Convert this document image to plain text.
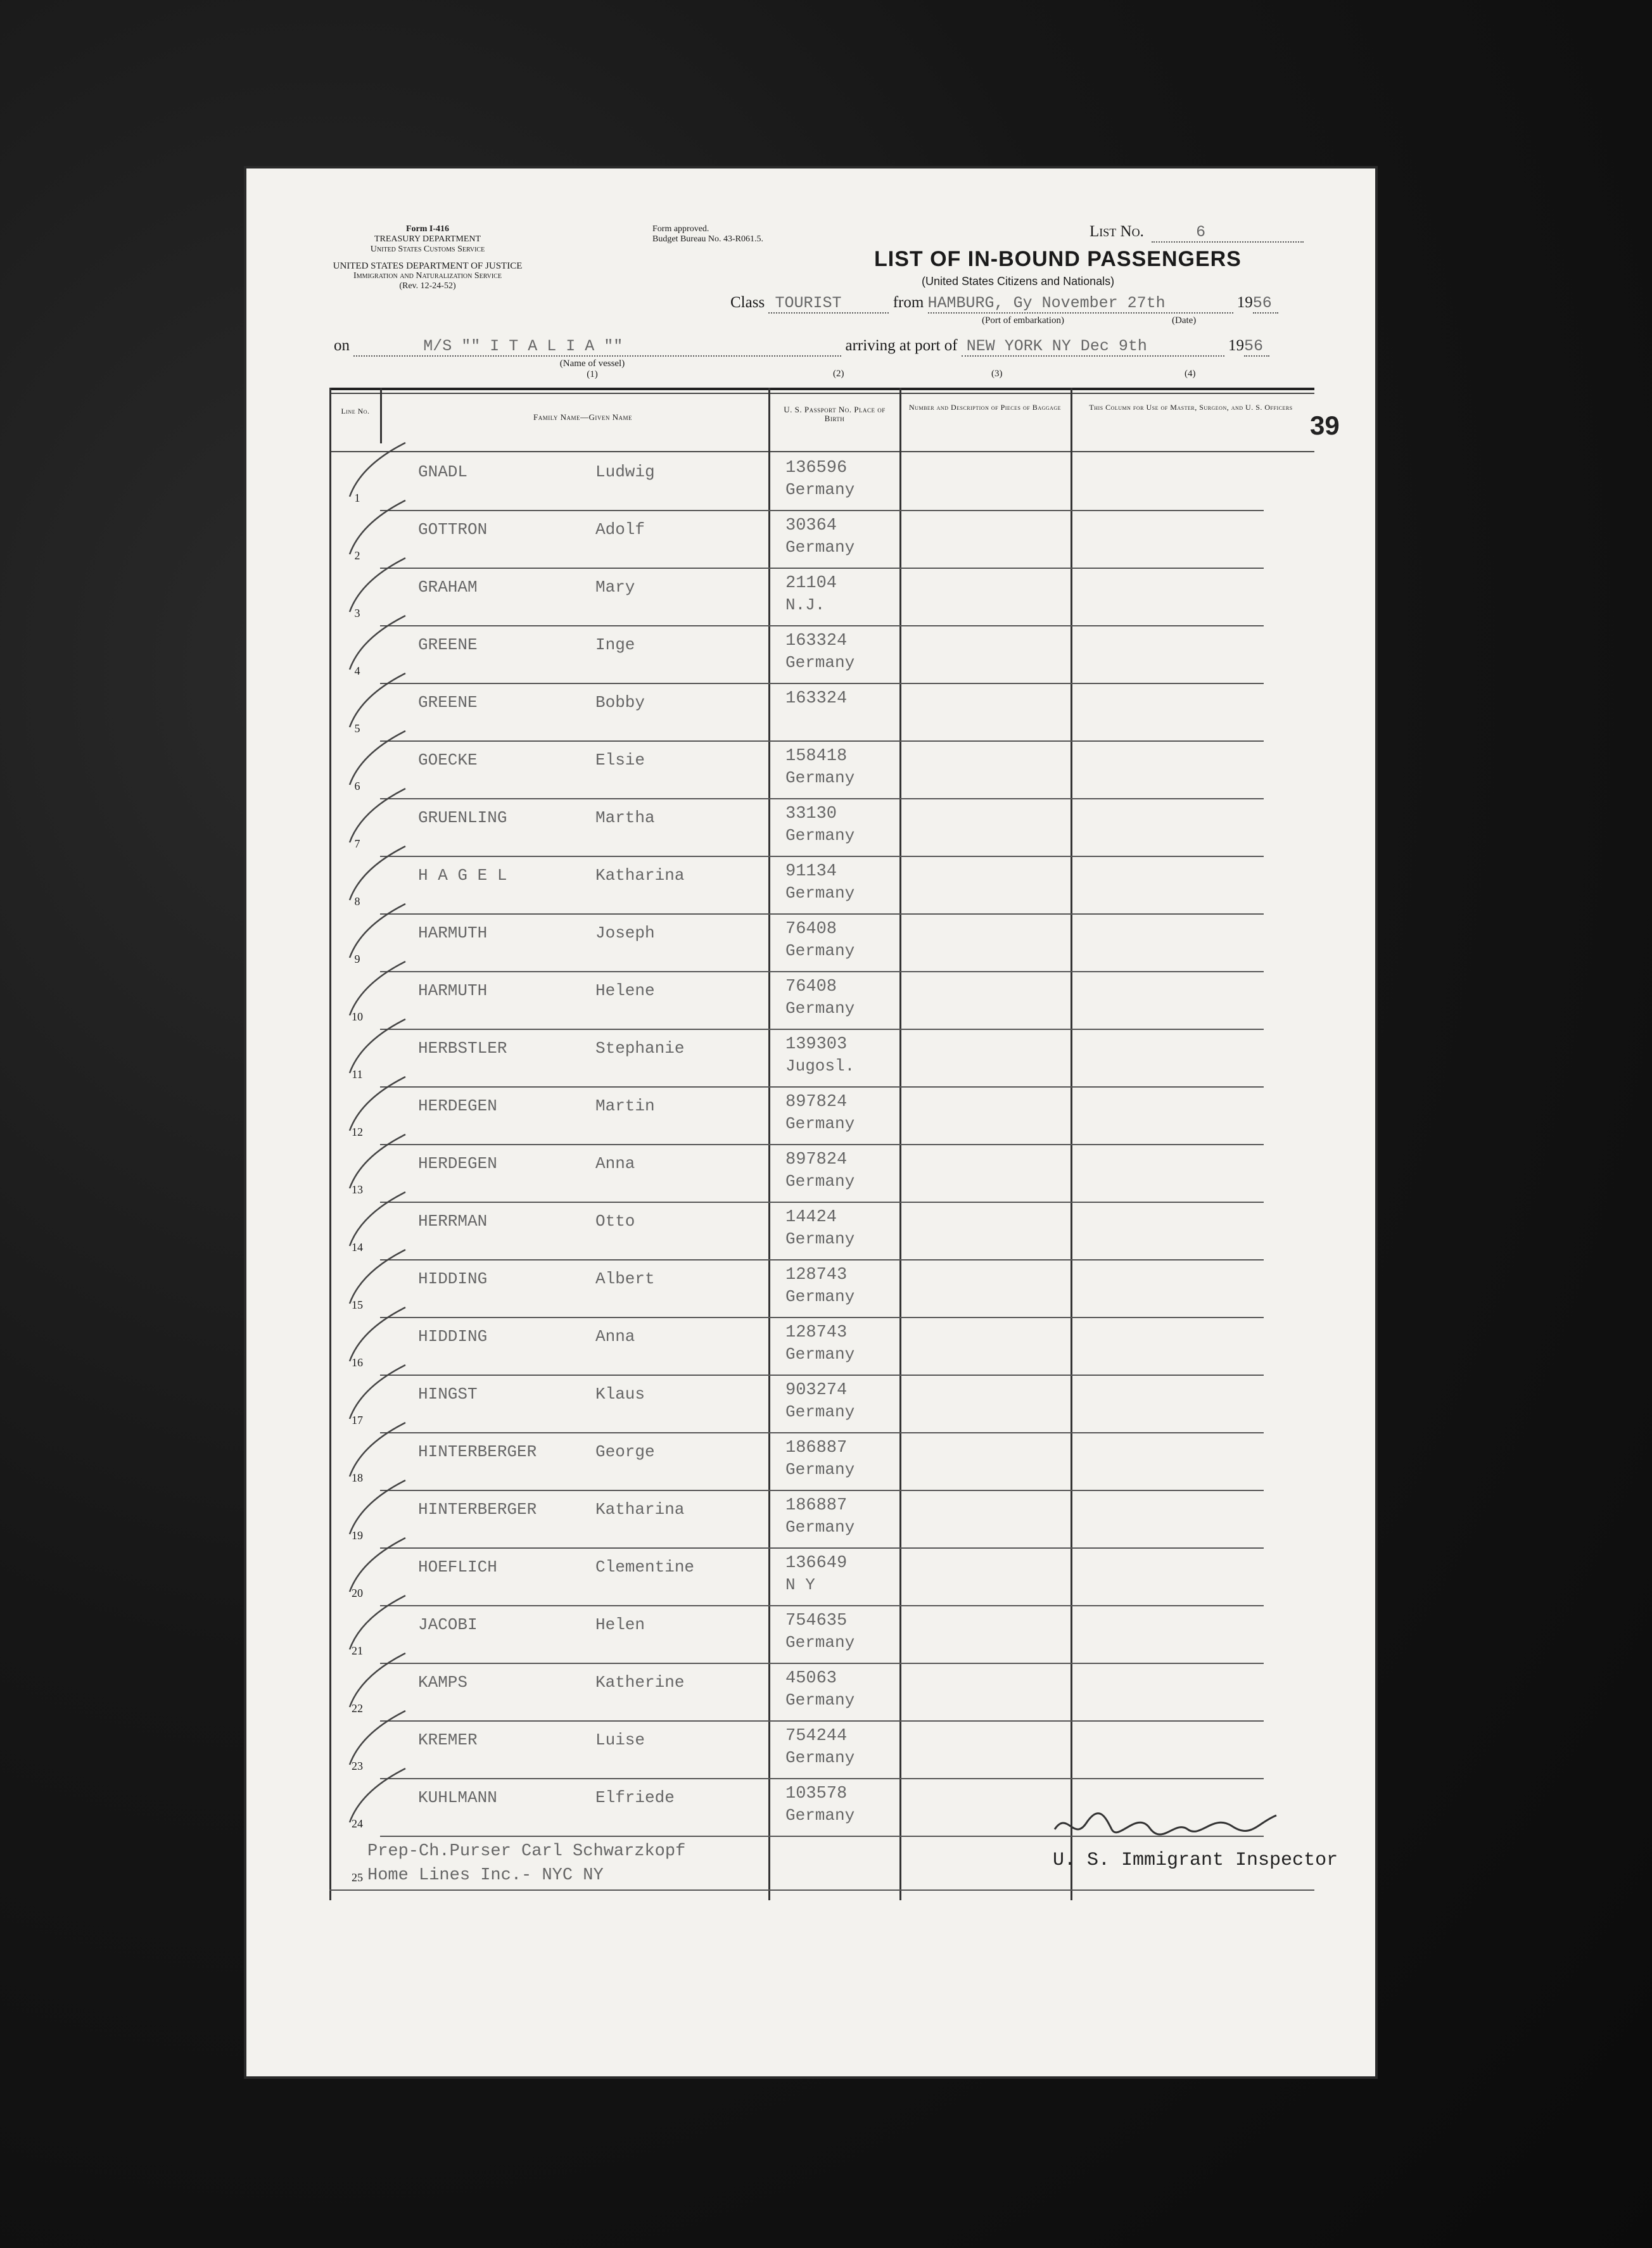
Form I-416
TREASURY DEPARTMENT
United States Customs Service
UNITED STATES DEPARTMENT OF JUSTICE
Immigration and Naturalization Service
(Rev. 12-24-52)
Form approved.
Budget Bureau No. 43-R061.5.	List No.	6
LIST OF IN-BOUND PASSENGERS
(United States Citizens and Nationals)
Class TOURIST	from HAMBURG, Gy November 27th	1956
(Port of embarkation)	(Date)
on	M/S "" I T A L I A ""	arriving at port of NEW YORK NY Dec 9th	1956
(Name of vessel)
(1)	(2)	(3)	(4)
Line No.
Family Name—Given Name
U. S. Passport No. Place of Birth
Number and Description of Pieces of Baggage	This Column for Use of Master, Surgeon, and U. S. Officers
1
GNADL	Ludwig	136596
Germany
2
GOTTRON	Adolf	30364
Germany
3
GRAHAM	Mary	21104
N.J.
4
GREENE	Inge	163324
Germany
5
GREENE	Bobby	163324
6
GOECKE	Elsie	158418
Germany
7
GRUENLING	Martha	33130
Germany
8
H A G E L	Katharina	91134
Germany
9
HARMUTH	Joseph	76408
Germany
10
HARMUTH	Helene	76408
Germany
11
HERBSTLER	Stephanie	139303
Jugosl.
12
HERDEGEN	Martin	897824
Germany
13
HERDEGEN	Anna	897824
Germany
14
HERRMAN	Otto	14424
Germany
15
HIDDING	Albert	128743
Germany
16
HIDDING	Anna	128743
Germany
17
HINGST	Klaus	903274
Germany
18
HINTERBERGER	George	186887
Germany
19
HINTERBERGER	Katharina	186887
Germany
20
HOEFLICH	Clementine	136649
N Y
21
JACOBI	Helen	754635
Germany
22
KAMPS	Katherine	45063
Germany
23
KREMER	Luise	754244
Germany
24
KUHLMANN	Elfriede	103578
Germany
25
Prep-Ch.Purser Carl Schwarzkopf
Home Lines Inc.- NYC NY
39
U. S. Immigrant Inspector
